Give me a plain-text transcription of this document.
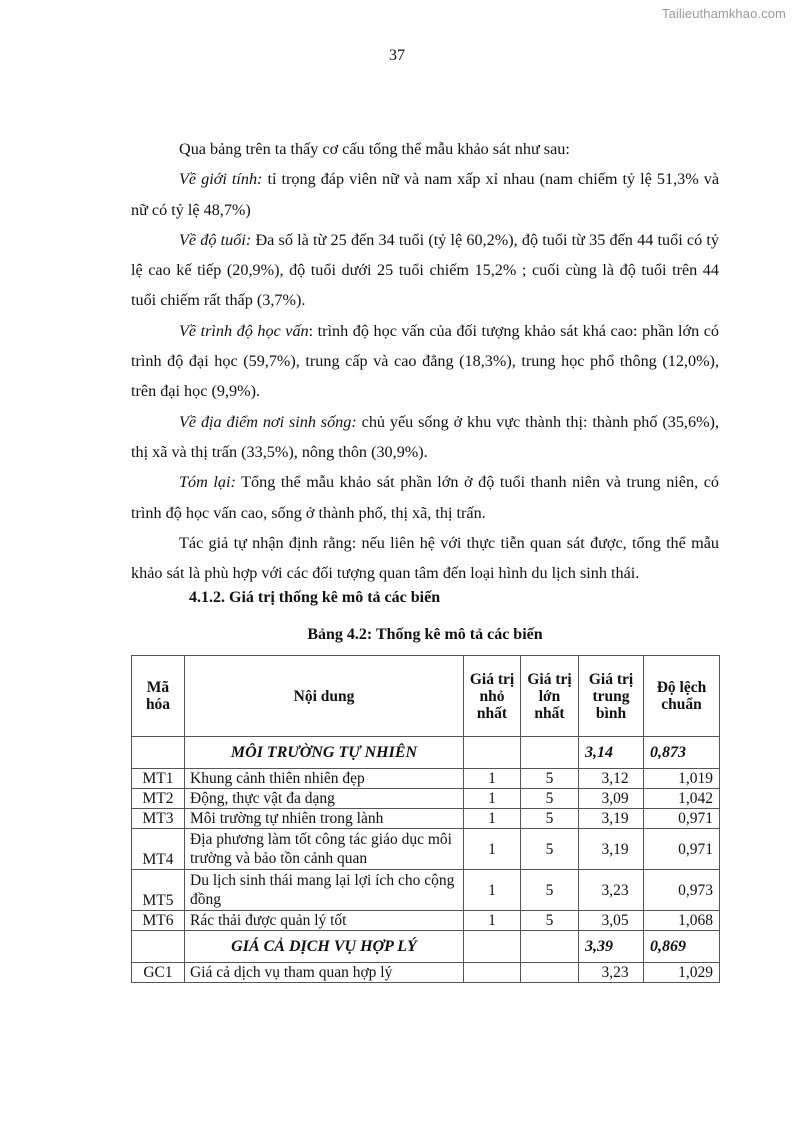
Tailieuthamkhao.com
37

Qua bảng trên ta thấy cơ cấu tổng thể mẫu khảo sát như sau:

Về giới tính: tỉ trọng đáp viên nữ và nam xấp xỉ nhau (nam chiếm tỷ lệ 51,3% và nữ có tỷ lệ 48,7%)

Về độ tuổi: Đa số là từ 25 đến 34 tuổi (tỷ lệ 60,2%), độ tuổi từ 35 đến 44 tuổi có tỷ lệ cao kế tiếp (20,9%), độ tuổi dưới 25 tuổi chiếm 15,2% ; cuối cùng là độ tuổi trên 44 tuổi chiếm rất thấp (3,7%).

Về trình độ học vấn: trình độ học vấn của đối tượng khảo sát khá cao: phần lớn có trình độ đại học (59,7%), trung cấp và cao đẳng (18,3%), trung học phổ thông (12,0%), trên đại học (9,9%).

Về địa điểm nơi sinh sống: chủ yếu sống ở khu vực thành thị: thành phố (35,6%), thị xã và thị trấn (33,5%), nông thôn (30,9%).

Tóm lại: Tổng thể mẫu khảo sát phần lớn ở độ tuổi thanh niên và trung niên, có trình độ học vấn cao, sống ở thành phố, thị xã, thị trấn.

Tác giả tự nhận định rằng: nếu liên hệ với thực tiễn quan sát được, tổng thể mẫu khảo sát là phù hợp với các đối tượng quan tâm đến loại hình du lịch sinh thái.

4.1.2. Giá trị thống kê mô tả các biến
Bảng 4.2: Thống kê mô tả các biến
Mã hóa	Nội dung	Giá trị nhỏ nhất	Giá trị lớn nhất	Giá trị trung bình	Độ lệch chuẩn
	MÔI TRƯỜNG TỰ NHIÊN			3,14	0,873
MT1	Khung cảnh thiên nhiên đẹp	1	5	3,12	1,019
MT2	Động, thực vật đa dạng	1	5	3,09	1,042
MT3	Môi trường tự nhiên trong lành	1	5	3,19	0,971
MT4	Địa phương làm tốt công tác giáo dục môi trường và bảo tồn cảnh quan	1	5	3,19	0,971
MT5	Du lịch sinh thái mang lại lợi ích cho cộng đồng	1	5	3,23	0,973
MT6	Rác thải được quản lý tốt	1	5	3,05	1,068
	GIÁ CẢ DỊCH VỤ HỢP LÝ			3,39	0,869
GC1	Giá cả dịch vụ tham quan hợp lý			3,23	1,029
